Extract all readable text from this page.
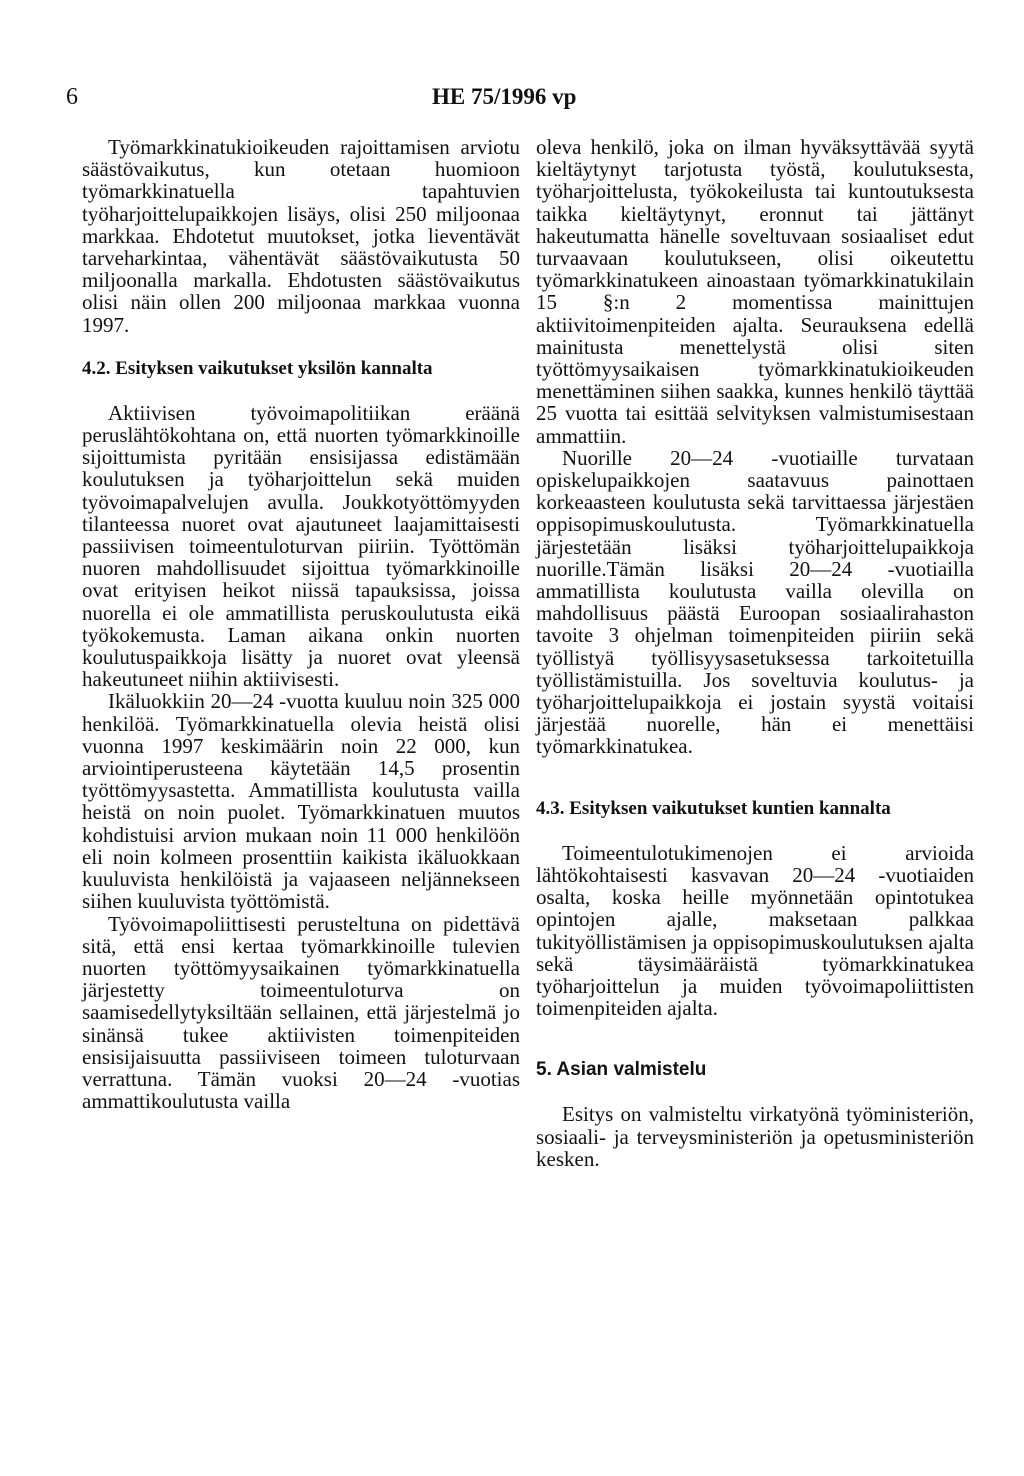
6	HE 75/1996 vp

Työmarkkinatukioikeuden rajoittamisen arviotu säästövaikutus, kun otetaan huomioon työmarkkinatuella tapahtuvien työharjoittelupaikkojen lisäys, olisi 250 miljoonaa markkaa. Ehdotetut muutokset, jotka lieventävät tarveharkintaa, vähentävät säästövaikutusta 50 miljoonalla markalla. Ehdotusten säästövaikutus olisi näin ollen 200 miljoonaa markkaa vuonna 1997.

4.2. Esityksen vaikutukset yksilön kannalta

Aktiivisen työvoimapolitiikan eräänä peruslähtökohtana on, että nuorten työmarkkinoille sijoittumista pyritään ensisijassa edistämään koulutuksen ja työharjoittelun sekä muiden työvoimapalvelujen avulla. Joukkotyöttömyyden tilanteessa nuoret ovat ajautuneet laajamittaisesti passiivisen toimeentuloturvan piiriin. Työttömän nuoren mahdollisuudet sijoittua työmarkkinoille ovat erityisen heikot niissä tapauksissa, joissa nuorella ei ole ammatillista peruskoulutusta eikä työkokemusta. Laman aikana onkin nuorten koulutuspaikkoja lisätty ja nuoret ovat yleensä hakeutuneet niihin aktiivisesti.

Ikäluokkiin 20—24 -vuotta kuuluu noin 325 000 henkilöä. Työmarkkinatuella olevia heistä olisi vuonna 1997 keskimäärin noin 22 000, kun arviointiperusteena käytetään 14,5 prosentin työttömyysastetta. Ammatillista koulutusta vailla heistä on noin puolet. Työmarkkinatuen muutos kohdistuisi arvion mukaan noin 11 000 henkilöön eli noin kolmeen prosenttiin kaikista ikäluokkaan kuuluvista henkilöistä ja vajaaseen neljännekseen siihen kuuluvista työttömistä.

Työvoimapoliittisesti perusteltuna on pidettävä sitä, että ensi kertaa työmarkkinoille tulevien nuorten työttömyysaikainen työmarkkinatuella järjestetty toimeentuloturva on saamisedellytyksiltään sellainen, että järjestelmä jo sinänsä tukee aktiivisten toimenpiteiden ensisijaisuutta passiiviseen toimeen tuloturvaan verrattuna. Tämän vuoksi 20—24 -vuotias ammattikoulutusta vailla

oleva henkilö, joka on ilman hyväksyttävää syytä kieltäytynyt tarjotusta työstä, koulutuksesta, työharjoittelusta, työkokeilusta tai kuntoutuksesta taikka kieltäytynyt, eronnut tai jättänyt hakeutumatta hänelle soveltuvaan sosiaaliset edut turvaavaan koulutukseen, olisi oikeutettu työmarkkinatukeen ainoastaan työmarkkinatukilain 15 §:n 2 momentissa mainittujen aktiivitoimenpiteiden ajalta. Seurauksena edellä mainitusta menettelystä olisi siten työttömyysaikaisen työmarkkinatukioikeuden menettäminen siihen saakka, kunnes henkilö täyttää 25 vuotta tai esittää selvityksen valmistumisestaan ammattiin.

Nuorille 20—24 -vuotiaille turvataan opiskelupaikkojen saatavuus painottaen korkeaasteen koulutusta sekä tarvittaessa järjestäen oppisopimuskoulutusta. Työmarkkinatuella järjestetään lisäksi työharjoittelupaikkoja nuorille.Tämän lisäksi 20—24 -vuotiailla ammatillista koulutusta vailla olevilla on mahdollisuus päästä Euroopan sosiaalirahaston tavoite 3 ohjelman toimenpiteiden piiriin sekä työllistyä työllisyysasetuksessa tarkoitetuilla työllistämistuilla. Jos soveltuvia koulutus- ja työharjoittelupaikkoja ei jostain syystä voitaisi järjestää nuorelle, hän ei menettäisi työmarkkinatukea.

4.3. Esityksen vaikutukset kuntien kannalta

Toimeentulotukimenojen ei arvioida lähtökohtaisesti kasvavan 20—24 -vuotiaiden osalta, koska heille myönnetään opintotukea opintojen ajalle, maksetaan palkkaa tukityöllistämisen ja oppisopimuskoulutuksen ajalta sekä täysimääräistä työmarkkinatukea työharjoittelun ja muiden työvoimapoliittisten toimenpiteiden ajalta.

5. Asian valmistelu

Esitys on valmisteltu virkatyönä työministeriön, sosiaali- ja terveysministeriön ja opetusministeriön kesken.
